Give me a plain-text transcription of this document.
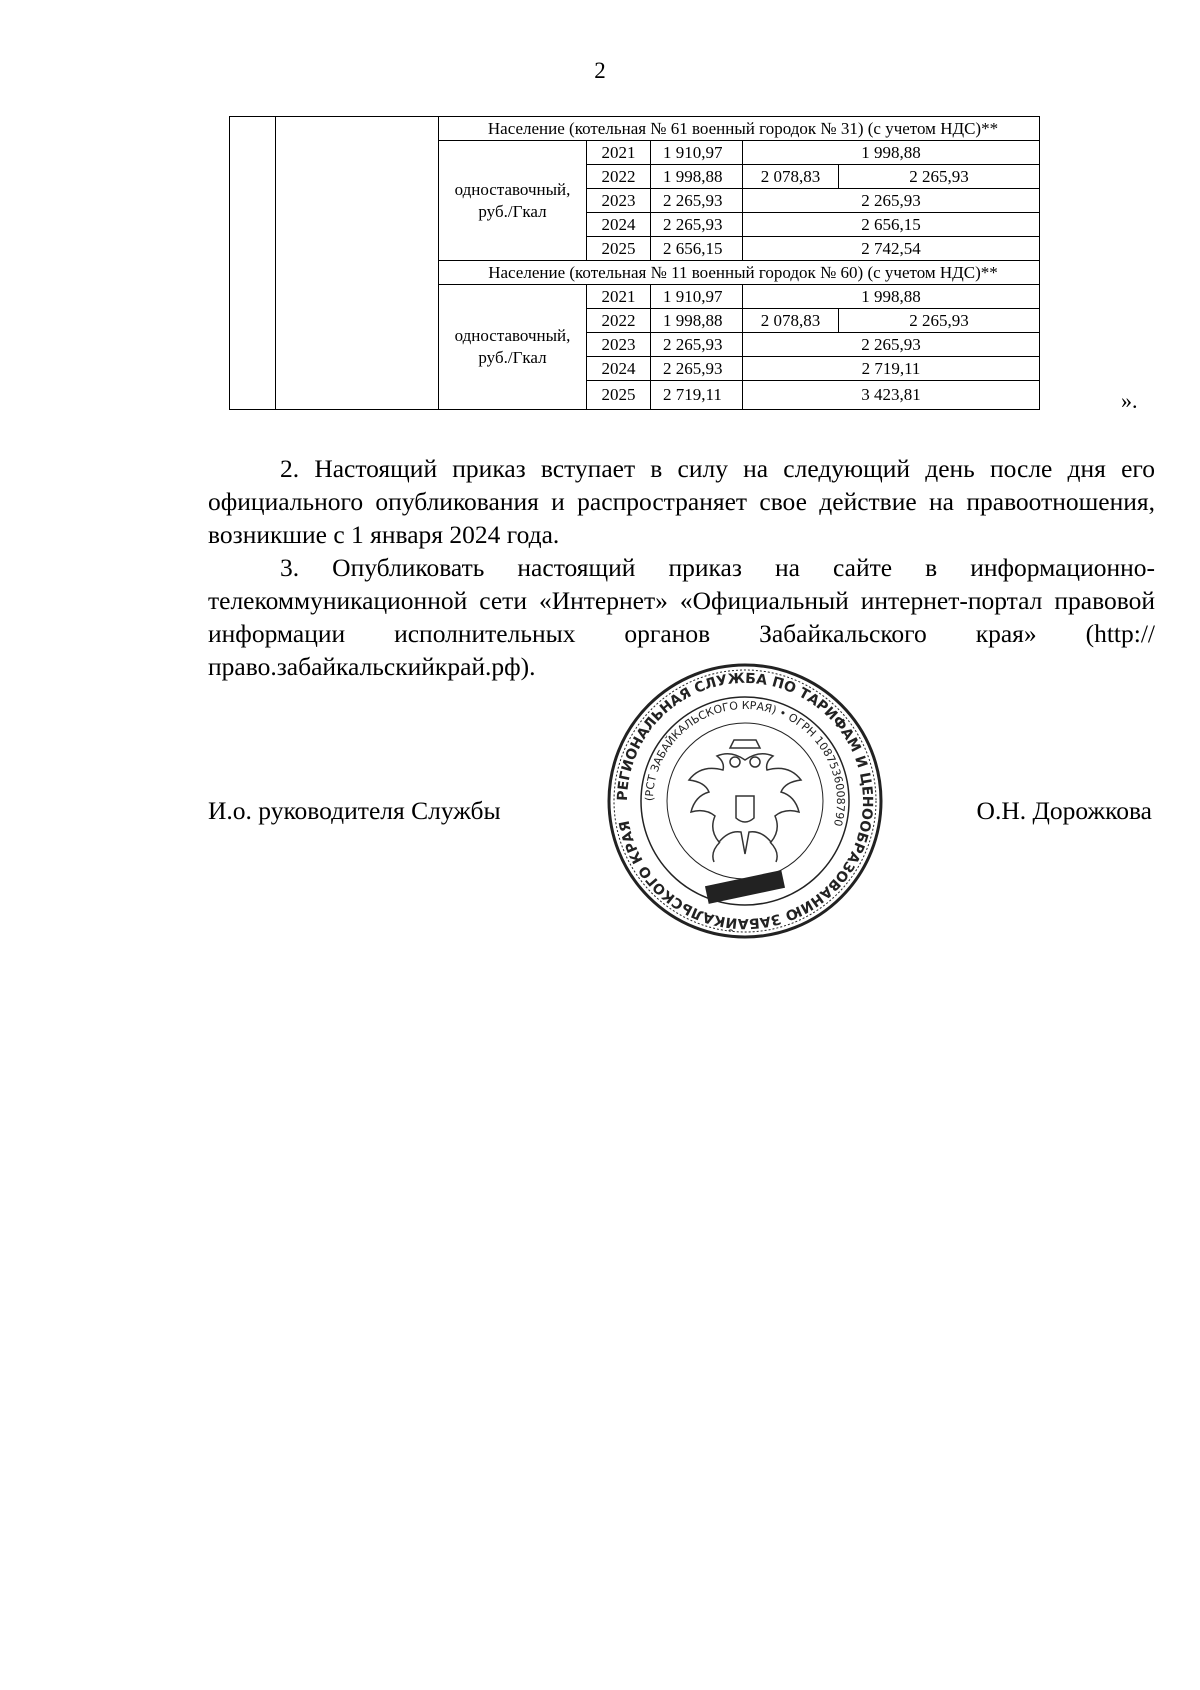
2
		Население (котельная № 61 военный городок № 31) (с учетом НДС)**				
		одноставочный, руб./Гкал	2021	1 910,97	1 998,88	
			2022	1 998,88	2 078,83	2 265,93
			2023	2 265,93	2 265,93	
			2024	2 265,93	2 656,15	
			2025	2 656,15	2 742,54	
		Население (котельная № 11 военный городок № 60) (с учетом НДС)**				
		одноставочный, руб./Гкал	2021	1 910,97	1 998,88	
			2022	1 998,88	2 078,83	2 265,93
			2023	2 265,93	2 265,93	
			2024	2 265,93	2 719,11	
			2025	2 719,11	3 423,81		».
2. Настоящий приказ вступает в силу на следующий день после дня его официального опубликования и распространяет свое действие на правоотношения, возникшие с 1 января 2024 года.
3. Опубликовать настоящий приказ на сайте в информационно-телекоммуникационной сети «Интернет» «Официальный интернет-портал правовой информации исполнительных органов Забайкальского края» (http://право.забайкальскийкрай.рф).
И.о. руководителя Службы	О.Н. Дорожкова
РЕГИОНАЛЬНАЯ СЛУЖБА ПО ТАРИФАМ И ЦЕНООБРАЗОВАНИЮ ЗАБАЙКАЛЬСКОГО КРАЯ
(РСТ ЗАБАЙКАЛЬСКОГО КРАЯ) • ОГРН 1087536008790
